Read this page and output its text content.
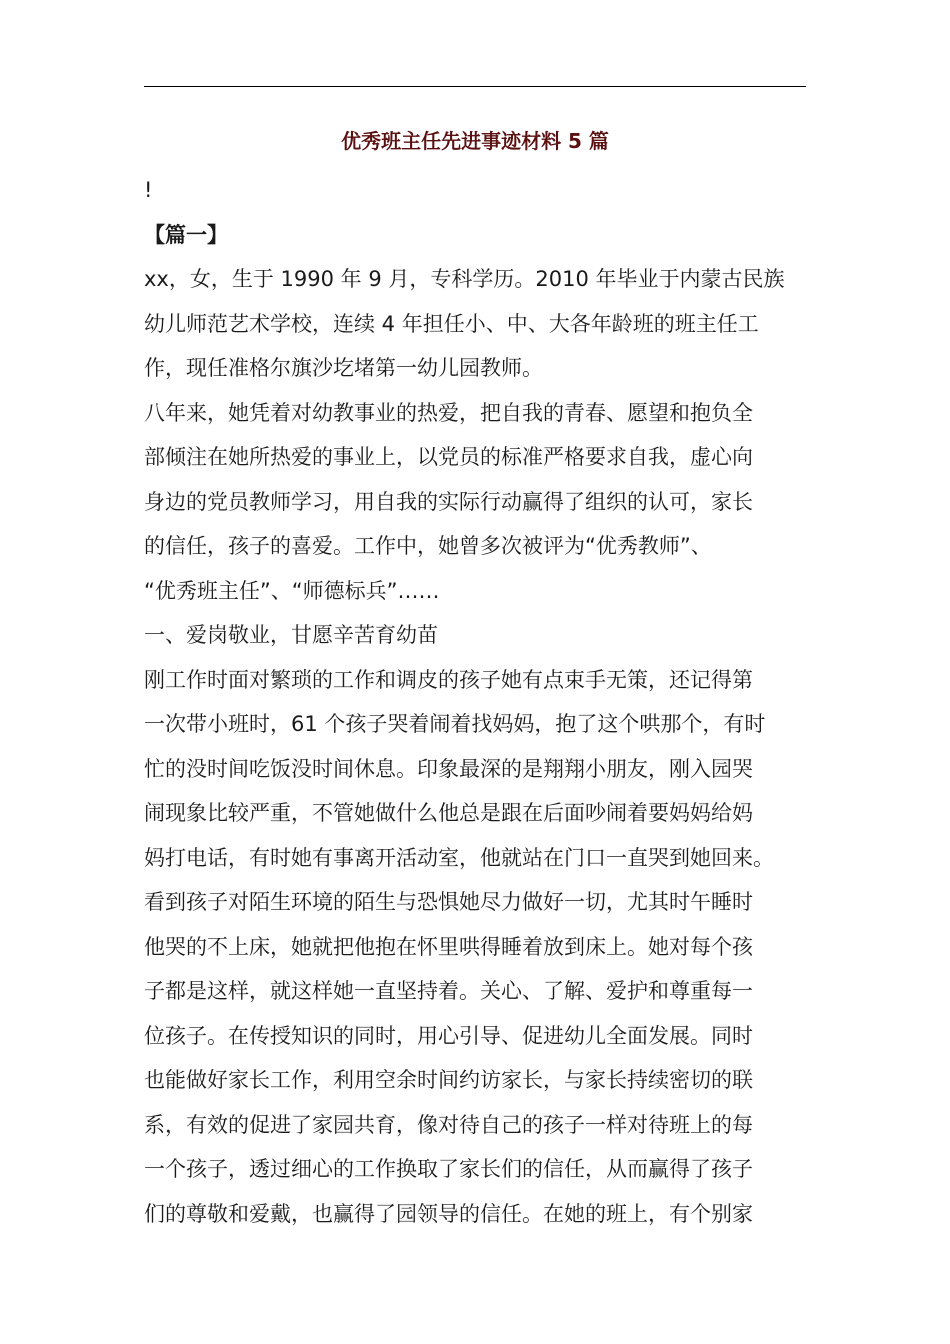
优秀班主任先进事迹材料 5 篇
!
【篇一】
xx，女，生于 1990 年 9 月，专科学历。2010 年毕业于内蒙古民族
幼儿师范艺术学校，连续 4 年担任小、中、大各年龄班的班主任工
作，现任准格尔旗沙圪堵第一幼儿园教师。
八年来，她凭着对幼教事业的热爱，把自我的青春、愿望和抱负全
部倾注在她所热爱的事业上，以党员的标准严格要求自我，虚心向
身边的党员教师学习，用自我的实际行动赢得了组织的认可，家长
的信任，孩子的喜爱。工作中，她曾多次被评为“优秀教师”、
“优秀班主任”、“师德标兵”……
一、爱岗敬业，甘愿辛苦育幼苗
刚工作时面对繁琐的工作和调皮的孩子她有点束手无策，还记得第
一次带小班时，61 个孩子哭着闹着找妈妈，抱了这个哄那个，有时
忙的没时间吃饭没时间休息。印象最深的是翔翔小朋友，刚入园哭
闹现象比较严重，不管她做什么他总是跟在后面吵闹着要妈妈给妈
妈打电话，有时她有事离开活动室，他就站在门口一直哭到她回来。
看到孩子对陌生环境的陌生与恐惧她尽力做好一切，尤其时午睡时
他哭的不上床，她就把他抱在怀里哄得睡着放到床上。她对每个孩
子都是这样，就这样她一直坚持着。关心、了解、爱护和尊重每一
位孩子。在传授知识的同时，用心引导、促进幼儿全面发展。同时
也能做好家长工作，利用空余时间约访家长，与家长持续密切的联
系，有效的促进了家园共育，像对待自己的孩子一样对待班上的每
一个孩子，透过细心的工作换取了家长们的信任，从而赢得了孩子
们的尊敬和爱戴，也赢得了园领导的信任。在她的班上，有个别家
